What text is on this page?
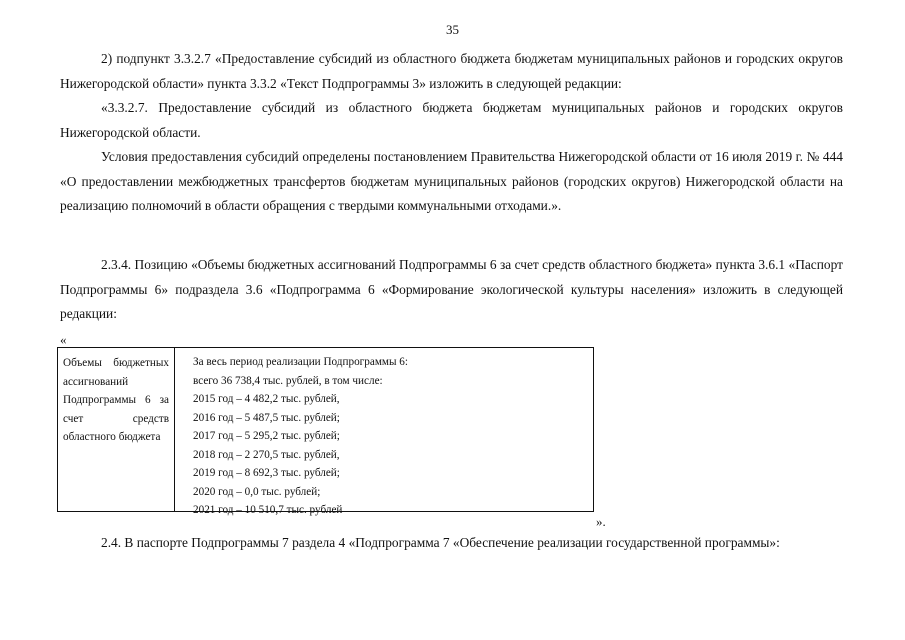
35

2) подпункт 3.3.2.7 «Предоставление субсидий из областного бюджета бюджетам муниципальных районов и городских округов Нижегородской области» пункта 3.3.2 «Текст Подпрограммы 3» изложить в следующей редакции:

«3.3.2.7. Предоставление субсидий из областного бюджета бюджетам муниципальных районов и городских округов Нижегородской области.

Условия предоставления субсидий определены постановлением Правительства Нижегородской области от 16 июля 2019 г. № 444 «О предоставлении межбюджетных трансфертов бюджетам муниципальных районов (городских округов) Нижегородской области на реализацию полномочий в области обращения с твердыми коммунальными отходами.».

2.3.4. Позицию «Объемы бюджетных ассигнований Подпрограммы 6 за счет средств областного бюджета» пункта 3.6.1 «Паспорт Подпрограммы 6» подраздела 3.6 «Подпрограмма 6 «Формирование экологической культуры населения» изложить в следующей редакции:

«
Объемы бюджетных ассигнований Подпрограммы 6 за счет средств областного бюджета
За весь период реализации Подпрограммы 6:
всего 36 738,4 тыс. рублей, в том числе:
2015 год – 4 482,2 тыс. рублей,
2016 год – 5 487,5 тыс. рублей;
2017 год – 5 295,2 тыс. рублей;
2018 год – 2 270,5 тыс. рублей,
2019 год – 8 692,3 тыс. рублей;
2020 год – 0,0 тыс. рублей;
2021 год – 10 510,7 тыс. рублей
».

2.4. В паспорте Подпрограммы 7 раздела 4 «Подпрограмма 7 «Обеспечение реализации государственной программы»:
